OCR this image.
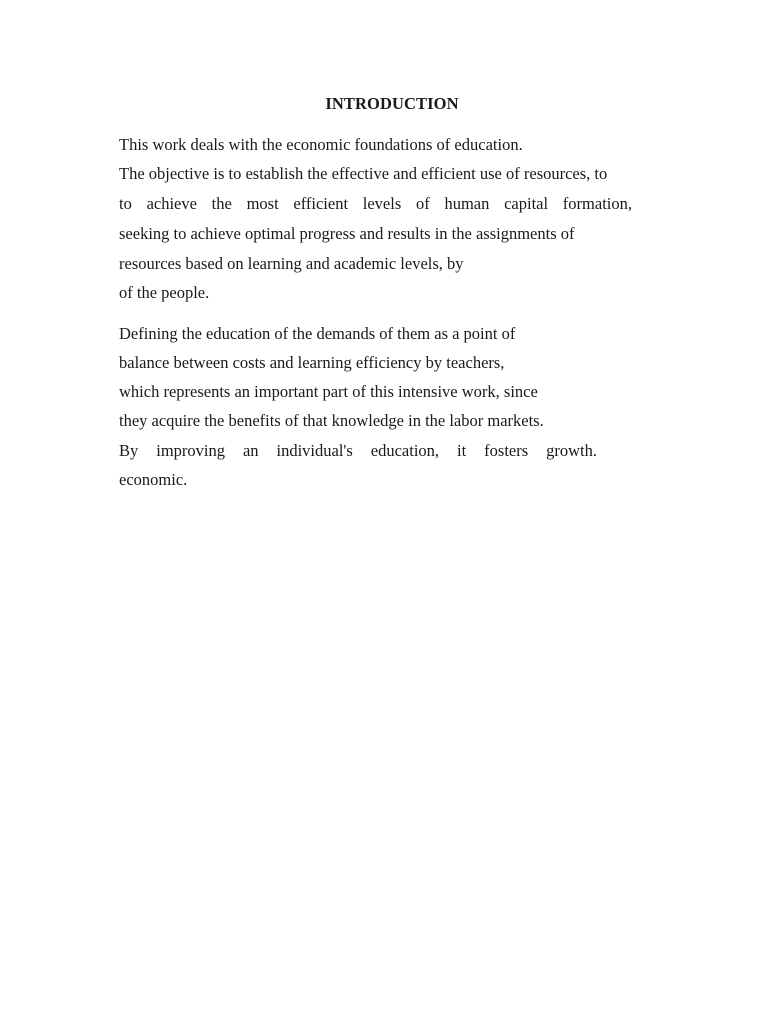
INTRODUCTION
This work deals with the economic foundations of education.
The objective is to establish the effective and efficient use of resources, to
to achieve the most efficient levels of human capital formation,
seeking to achieve optimal progress and results in the assignments of
resources based on learning and academic levels, by
of the people.
Defining the education of the demands of them as a point of
balance between costs and learning efficiency by teachers,
which represents an important part of this intensive work, since
they acquire the benefits of that knowledge in the labor markets.
By improving an individual's education, it fosters growth.
economic.
